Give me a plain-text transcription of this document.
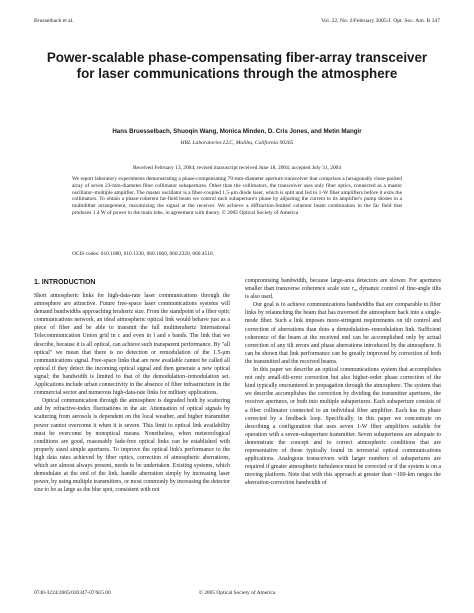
Brusselbach et al.	Vol. 22, No. 2/February 2005/J. Opt. Soc. Am. B 347
Power-scalable phase-compensating fiber-array transceiver for laser communications through the atmosphere
Hans Bruesselbach, Shuoqin Wang, Monica Minden, D. Cris Jones, and Metin Mangir
HRL Laboratories LLC, Malibu, California 90265
Received February 13, 2004; revised manuscript received June 18, 2004; accepted July 31, 2004
We report laboratory experiments demonstrating a phase-compensating 70-mm-diameter aperture transceiver that comprises a hexagonally close-packed array of seven 23-mm-diameter fiber collimator subapertures. Other than the collimators, the transceiver uses only fiber optics, connected as a master oscillator–multiple amplifier. The master oscillator is a fiber-coupled 1.5-μm diode laser, which is split and fed to 1-W fiber amplifiers before it exits the collimators. To obtain a phase-coherent far-field beam we control each subaperture's phase by adjusting the current to its amplifier's pump diodes in a multidither arrangement, maximizing the signal at the receiver. We achieve a diffraction-limited coherent beam combination in the far field that produces 1.4 W of power in the main lobe, in agreement with theory. © 2005 Optical Society of America
OCIS codes: 010.1080, 010.1330, 060.1660, 060.2320, 060.4510.
1. INTRODUCTION

Short atmospheric links for high-data-rate laser communications through the atmosphere are attractive. Future free-space laser communications systems will demand bandwidths approaching terahertz size. From the standpoint of a fiber optic communications network, an ideal atmospheric optical link would behave just as a piece of fiber and be able to transmit the full multiterahertz International Telecommunication Union grid in c and even in l and s bands. The link that we describe, because it is all optical, can achieve such transparent performance. By "all optical" we mean that there is no detection or remodulation of the 1.5-μm communications signal. Free-space links that are now available cannot be called all optical if they detect the incoming optical signal and then generate a new optical signal; the bandwidth is limited to that of the demodulation–remodulation set. Applications include urban connectivity in the absence of fiber infrastructure in the commercial sector and numerous high-data-rate links for military applications.

Optical communication through the atmosphere is degraded both by scattering and by refractive-index fluctuations in the air. Attenuation of optical signals by scattering from aerosols is dependent on the local weather, and higher transmitter power cannot overcome it when it is severe. This limit to optical link availability must be overcome by nonoptical means. Nonetheless, when meteorological conditions are good, reasonably fade-free optical links can be established with properly sized simple apertures. To improve the optical link's performance to the high data rates achieved by fiber optics, correction of atmospheric aberrations, which are almost always present, needs to be undertaken. Existing systems, which demodulate at the end of the link, handle aberration simply by increasing laser power, by using multiple transmitters, or most commonly by increasing the detector size to be as large as the blur spot, consistent with not

compromising bandwidth, because large-area detectors are slower. For apertures smaller than transverse coherence scale size r₀, dynamic control of fine-angle tilts is also used.

Our goal is to achieve communications bandwidths that are comparable to fiber links by relaunching the beam that has traversed the atmosphere back into a single-mode fiber. Such a link imposes more-stringent requirements on tilt control and correction of aberrations than does a demodulation–remodulation link. Sufficient coherence of the beam at the received end can be accomplished only by actual correction of any tilt errors and phase aberrations introduced by the atmosphere. It can be shown that link performance can be greatly improved by correction of both the transmitted and the received beams.

In this paper we describe an optical communications system that accomplishes not only small-tilt-error correction but also higher-order phase correction of the kind typically encountered in propagation through the atmosphere. The system that we describe accomplishes the correction by dividing the transmitter apertures, the receiver apertures, or both into multiple subapertures. Each subaperture consists of a fiber collimator connected to an individual fiber amplifier. Each has its phase corrected by a feedback loop. Specifically, in this paper we concentrate on describing a configuration that uses seven 1-W fiber amplifiers suitable for operation with a seven-subaperture transmitter. Seven subapertures are adequate to demonstrate the concept and to correct atmospheric conditions that are representative of those typically found in terrestrial optical communications applications. Analogous transceivers with larger numbers of subapertures are required if greater atmospheric turbulence must be corrected or if the system is on a moving platform. Note that with this approach at greater than ~100-km ranges the aberration-correction bandwidth of

0740-3224/2005/020347-07/$15.00	© 2005 Optical Society of America
